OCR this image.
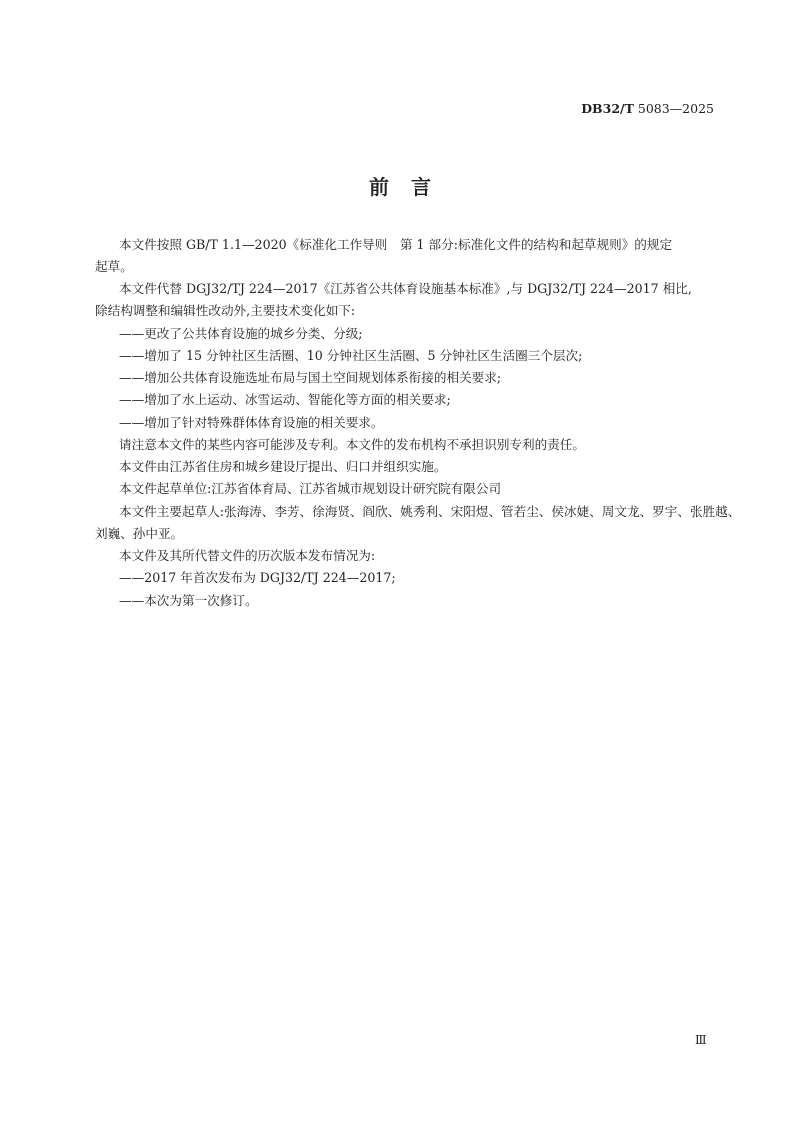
DB32/T 5083—2025
前言
本文件按照 GB/T 1.1—2020《标准化工作导则　第 1 部分:标准化文件的结构和起草规则》的规定
起草。
本文件代替 DGJ32/TJ 224—2017《江苏省公共体育设施基本标准》,与 DGJ32/TJ 224—2017 相比,
除结构调整和编辑性改动外,主要技术变化如下:
——更改了公共体育设施的城乡分类、分级;
——增加了 15 分钟社区生活圈、10 分钟社区生活圈、5 分钟社区生活圈三个层次;
——增加公共体育设施选址布局与国土空间规划体系衔接的相关要求;
——增加了水上运动、冰雪运动、智能化等方面的相关要求;
——增加了针对特殊群体体育设施的相关要求。
请注意本文件的某些内容可能涉及专利。本文件的发布机构不承担识别专利的责任。
本文件由江苏省住房和城乡建设厅提出、归口并组织实施。
本文件起草单位:江苏省体育局、江苏省城市规划设计研究院有限公司
本文件主要起草人:张海涛、李芳、徐海贤、阎欣、姚秀利、宋阳煜、管若尘、侯冰婕、周文龙、罗宇、张胜越、
刘巍、孙中亚。
本文件及其所代替文件的历次版本发布情况为:
——2017 年首次发布为 DGJ32/TJ 224—2017;
——本次为第一次修订。
Ⅲ
